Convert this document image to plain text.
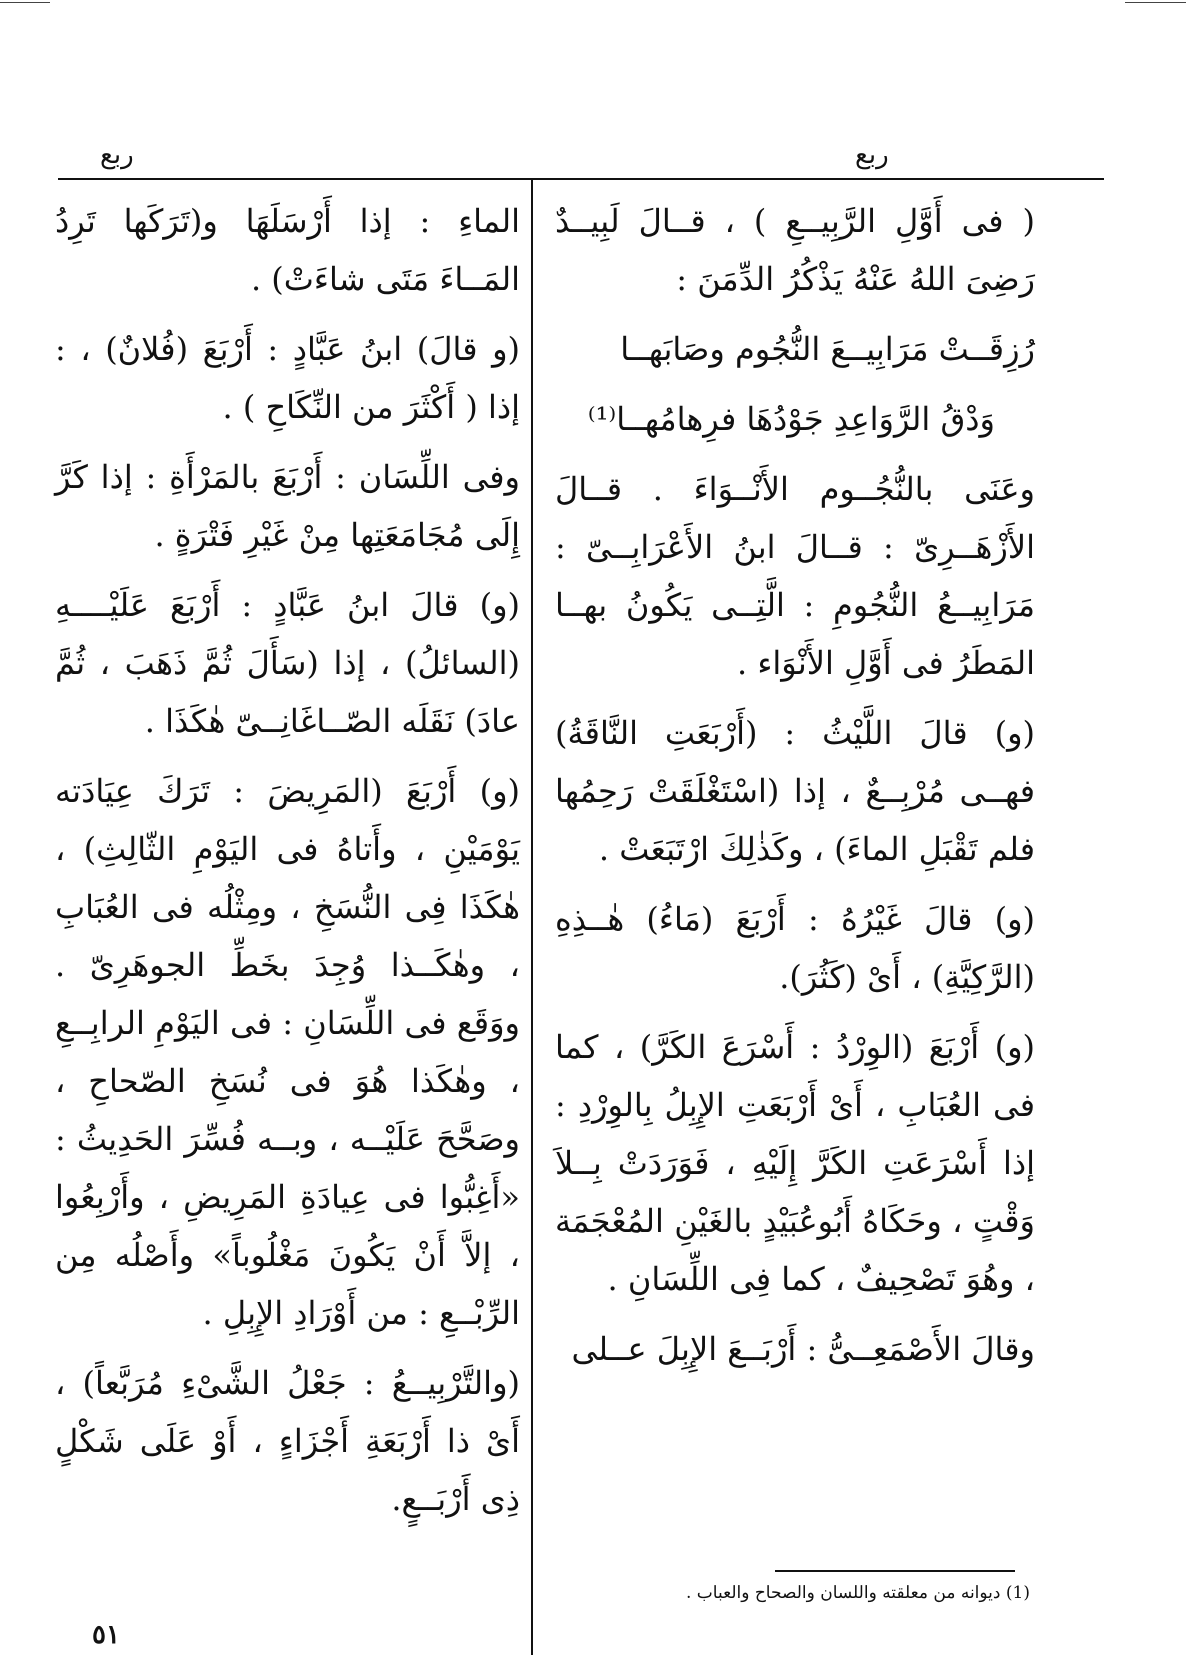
ربع	ربع

( فى أَوَّلِ الرَّبِيــعِ ) ، قــالَ لَبِيــدٌ رَضِىَ اللهُ عَنْهُ يَذْكُرُ الدِّمَنَ :

رُزِقَــتْ مَرَابِيــعَ النُّجُوم وصَابَهــا

وَدْقُ الرَّوَاعِدِ جَوْدُهَا فرِهامُهــا⁽¹⁾

وعَنَى بالنُّجُــوم الأَنْــوَاءَ . قــالَ الأَزْهَــرِىّ : قــالَ ابنُ الأَعْرَابِــىّ : مَرَابِيــعُ النُّجُومِ : الَّتِــى يَكُونُ بهــا المَطَرُ فى أَوَّلِ الأَنْوَاء .

(و) قالَ اللَّيْثُ : (أَرْبَعَتِ النَّاقَةُ) فهــى مُرْبِــعٌ ، إذا (اسْتَغْلَقَتْ رَحِمُها فلم تَقْبَلِ الماءَ) ، وكَذٰلِكَ ارْتَبَعَتْ .

(و) قالَ غَيْرُهُ : أَرْبَعَ (مَاءُ) هٰــذِهِ (الرَّكِيَّةِ) ، أَىْ (كَثُرَ).

(و) أَرْبَعَ (الوِرْدُ : أَسْرَعَ الكَرَّ) ، كما فى العُبَابِ ، أَىْ أَرْبَعَتِ الإِبِلُ بِالوِرْدِ : إذا أَسْرَعَتِ الكَرَّ إِلَيْهِ ، فَوَرَدَتْ بِــلاَ وَقْتٍ ، وحَكَاهُ أَبُوعُبَيْدٍ بالغَيْنِ المُعْجَمَة ، وهُوَ تَصْحِيفٌ ، كما فِى اللِّسَانِ .

وقالَ الأَصْمَعِــىُّ : أَرْبَــعَ الإِبِلَ عــلى

الماءِ : إذا أَرْسَلَهَا و(تَرَكَها تَرِدُ المَــاءَ مَتَى شاءَتْ) .

(و قالَ) ابنُ عَبَّادٍ : أَرْبَعَ (فُلانٌ) ، : إذا ( أَكْثَرَ من النِّكَاحِ ) .

وفى اللِّسَان : أَرْبَعَ بالمَرْأَةِ : إذا كَرَّ إِلَى مُجَامَعَتِها مِنْ غَيْرِ فَتْرَةٍ .

(و) قالَ ابنُ عَبَّادٍ : أَرْبَعَ عَلَيْــــهِ (السائلُ) ، إذا (سَأَلَ ثُمَّ ذَهَبَ ، ثُمَّ عادَ) نَقَلَه الصّــاغَانِــىّ هٰكَذَا .

(و) أَرْبَعَ (المَرِيضَ : تَرَكَ عِيَادَته يَوْمَيْنِ ، وأَتاهُ فى اليَوْمِ الثّالِثِ) ، هٰكَذَا فِى النُّسَخِ ، ومِثْلُه فى العُبَابِ ، وهٰكَــذا وُجِدَ بخَطِّ الجوهَرِىّ . ووَقَع فى اللِّسَانِ : فى اليَوْمِ الرابِــعِ ، وهٰكَذا هُوَ فى نُسَخِ الصّحاحِ ، وصَحَّحَ عَلَيْــه ، وبــه فُسِّرَ الحَدِيثُ : «أَغِبُّوا فى عِيادَةِ المَرِيضِ ، وأَرْبِعُوا ، إلاَّ أَنْ يَكُونَ مَغْلُوباً» وأَصْلُه مِن الرِّبْــعِ : من أَوْرَادِ الإِبِلِ .

(والتَّرْبِيــعُ : جَعْلُ الشَّىْءِ مُرَبَّعاً) ، أَىْ ذا أَرْبَعَةِ أَجْزَاءٍ ، أَوْ عَلَى شَكْلٍ ذِى أَرْبَــعٍ.

(1) ديوانه من معلقته واللسان والصحاح والعباب .
٥١
